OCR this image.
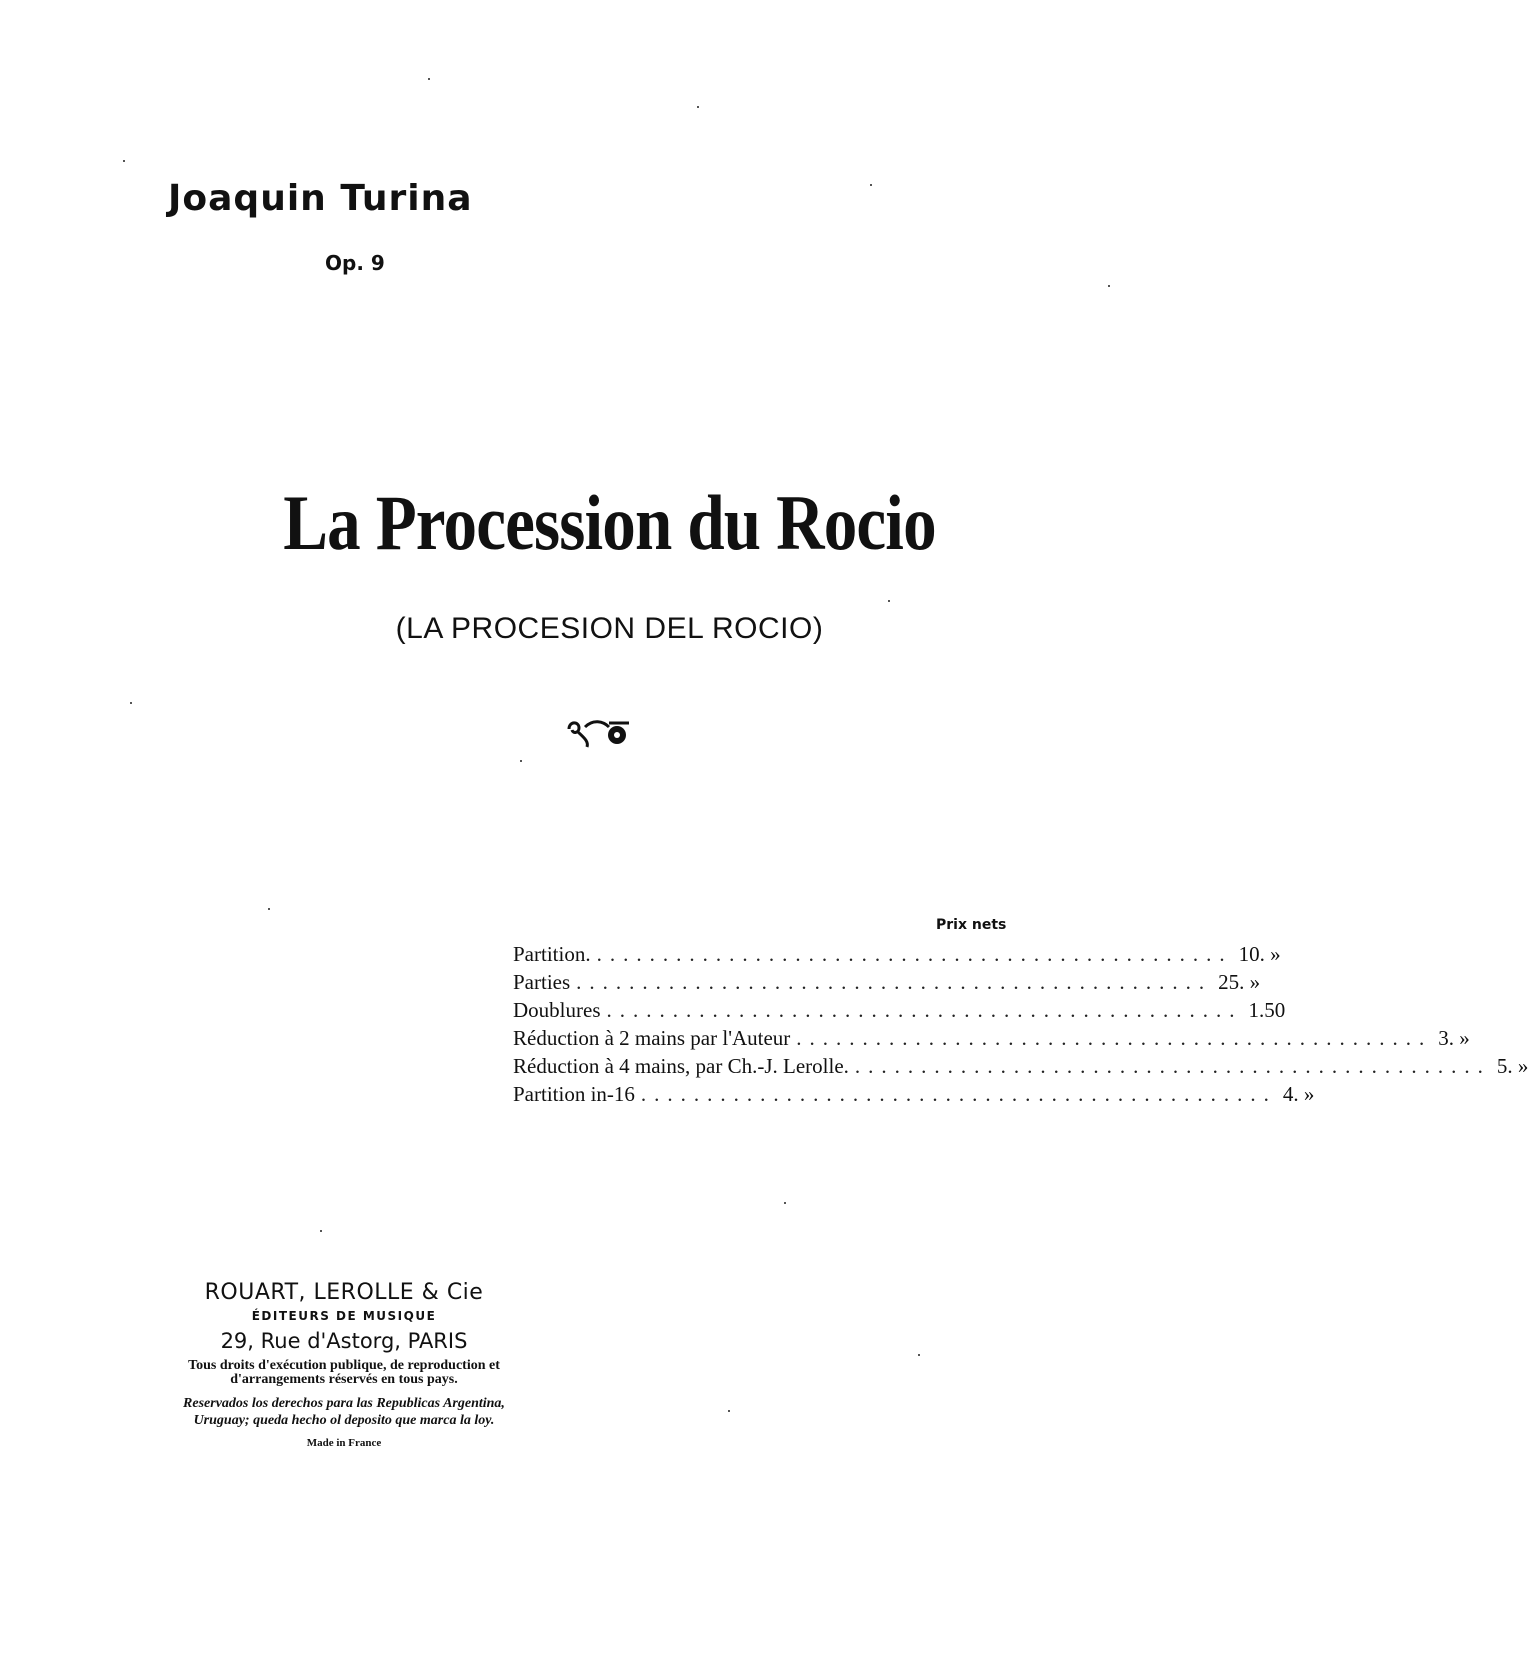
Joaquin Turina
Op. 9
La Procession du Rocio
(LA PROCESION DEL ROCIO)
Prix nets
Partition. ................................................ 10. »
Parties ................................................ 25. »
Doublures ................................................ 1.50
Réduction à 2 mains par l'Auteur ................................................ 3. »
Réduction à 4 mains, par Ch.-J. Lerolle. ................................................ 5. »
Partition in-16 ................................................ 4. »
ROUART, LEROLLE & Cie
ÉDITEURS DE MUSIQUE
29, Rue d'Astorg, PARIS
Tous droits d'exécution publique, de reproduction et d'arrangements réservés en tous pays.
Reservados los derechos para las Republicas Argentina, Uruguay; queda hecho ol deposito que marca la loy.
Made in France
